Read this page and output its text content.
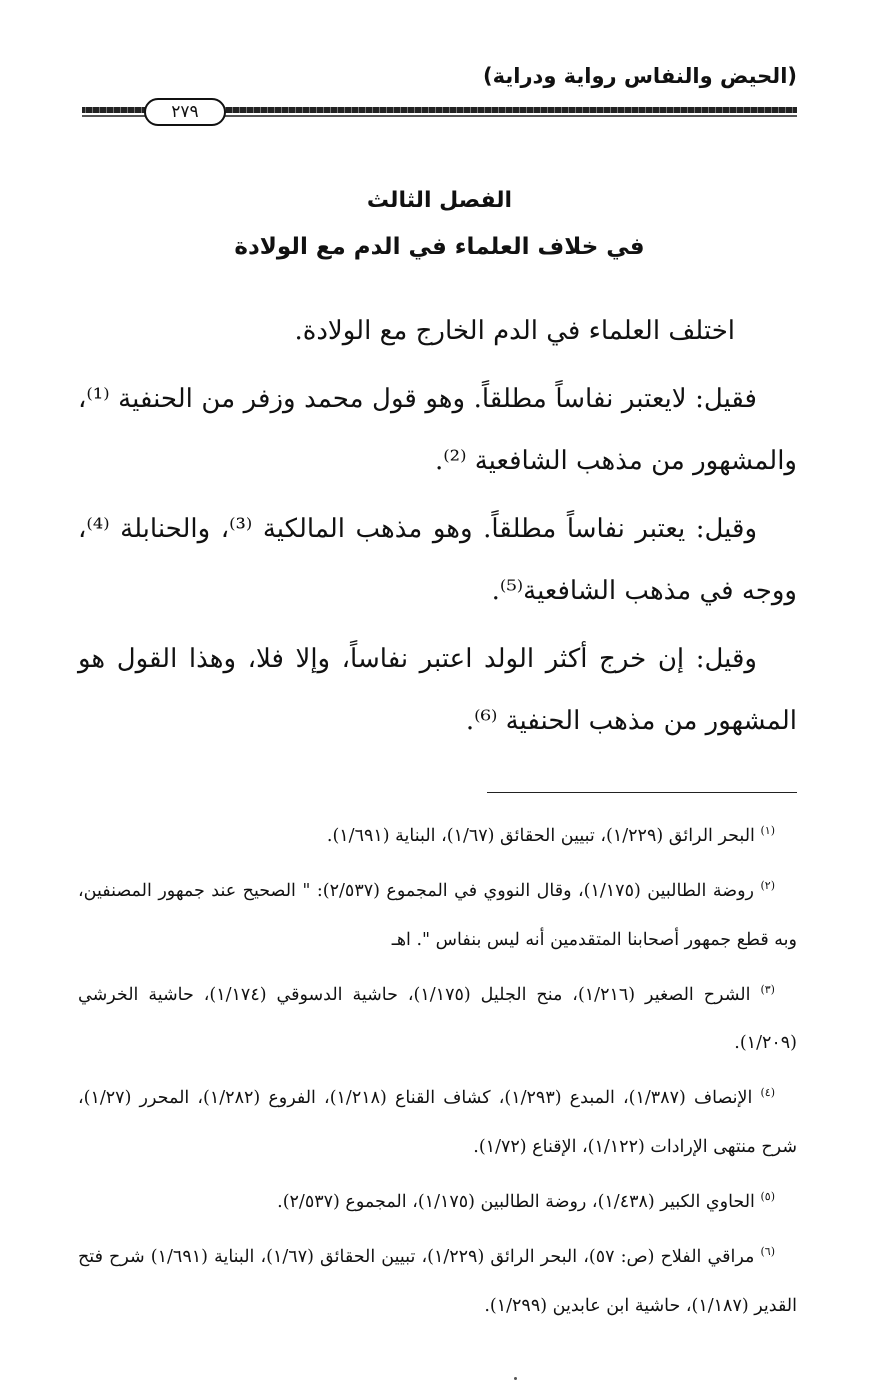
(الحيض والنفاس رواية ودراية)
٢٧٩
الفصل الثالث
في خلاف العلماء في الدم مع الولادة

اختلف العلماء في الدم الخارج مع الولادة.

فقيل: لايعتبر نفاساً مطلقاً. وهو قول محمد وزفر من الحنفية ⁽¹⁾، والمشهور من مذهب الشافعية ⁽²⁾.

وقيل: يعتبر نفاساً مطلقاً. وهو مذهب المالكية ⁽³⁾، والحنابلة ⁽⁴⁾، ووجه في مذهب الشافعية⁽⁵⁾.

وقيل: إن خرج أكثر الولد اعتبر نفاساً، وإلا فلا، وهذا القول هو المشهور من مذهب الحنفية ⁽⁶⁾.

$^{(١)}$ البحر الرائق (١/٢٢٩)، تبيين الحقائق (١/٦٧)، البناية (١/٦٩١).

$^{(٢)}$ روضة الطالبين (١/١٧٥)، وقال النووي في المجموع (٢/٥٣٧): " الصحيح عند جمهور المصنفين، وبه قطع جمهور أصحابنا المتقدمين أنه ليس بنفاس ". اهـ

$^{(٣)}$ الشرح الصغير (١/٢١٦)، منح الجليل (١/١٧٥)، حاشية الدسوقي (١/١٧٤)، حاشية الخرشي (١/٢٠٩).

$^{(٤)}$ الإنصاف (١/٣٨٧)، المبدع (١/٢٩٣)، كشاف القناع (١/٢١٨)، الفروع (١/٢٨٢)، المحرر (١/٢٧)، شرح منتهى الإرادات (١/١٢٢)، الإقناع (١/٧٢).

$^{(٥)}$ الحاوي الكبير (١/٤٣٨)، روضة الطالبين (١/١٧٥)، المجموع (٢/٥٣٧).

$^{(٦)}$ مراقي الفلاح (ص: ٥٧)، البحر الرائق (١/٢٢٩)، تبيين الحقائق (١/٦٧)، البناية (١/٦٩١) شرح فتح القدير (١/١٨٧)، حاشية ابن عابدين (١/٢٩٩).
